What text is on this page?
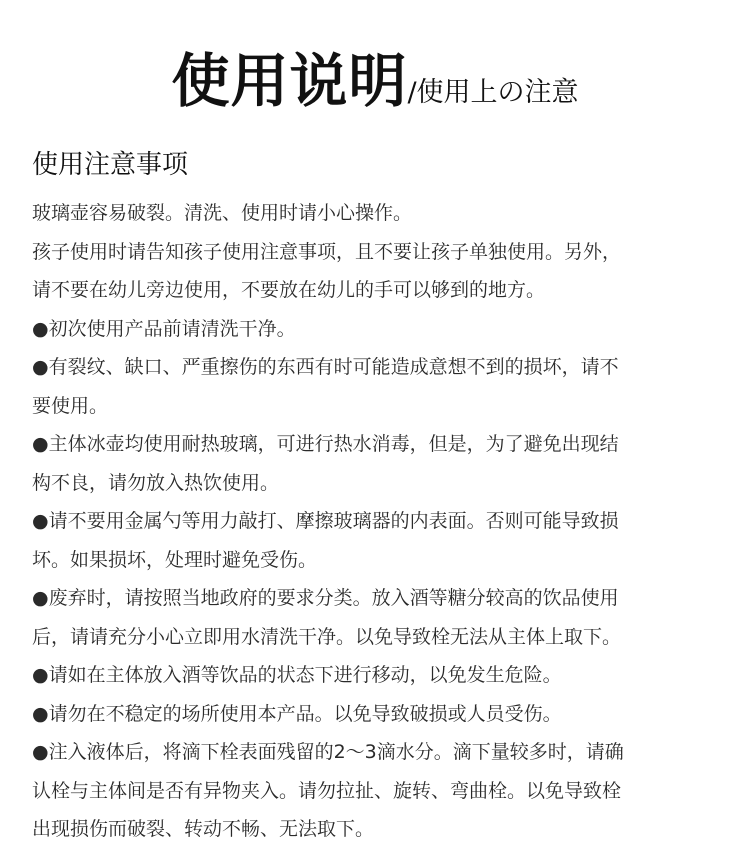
使用说明/使用上の注意
使用注意事项
玻璃壶容易破裂。清洗、使用时请小心操作。
孩子使用时请告知孩子使用注意事项，且不要让孩子单独使用。另外，
请不要在幼儿旁边使用，不要放在幼儿的手可以够到的地方。
●初次使用产品前请清洗干净。
●有裂纹、缺口、严重擦伤的东西有时可能造成意想不到的损坏，请不
要使用。
●主体冰壶均使用耐热玻璃，可进行热水消毒，但是，为了避免出现结
构不良，请勿放入热饮使用。
●请不要用金属勺等用力敲打、摩擦玻璃器的内表面。否则可能导致损
坏。如果损坏，处理时避免受伤。
●废弃时，请按照当地政府的要求分类。放入酒等糖分较高的饮品使用
后，请请充分小心立即用水清洗干净。以免导致栓无法从主体上取下。
●请如在主体放入酒等饮品的状态下进行移动，以免发生危险。
●请勿在不稳定的场所使用本产品。以免导致破损或人员受伤。
●注入液体后，将滴下栓表面残留的2～3滴水分。滴下量较多时，请确
认栓与主体间是否有异物夹入。请勿拉扯、旋转、弯曲栓。以免导致栓
出现损伤而破裂、转动不畅、无法取下。
